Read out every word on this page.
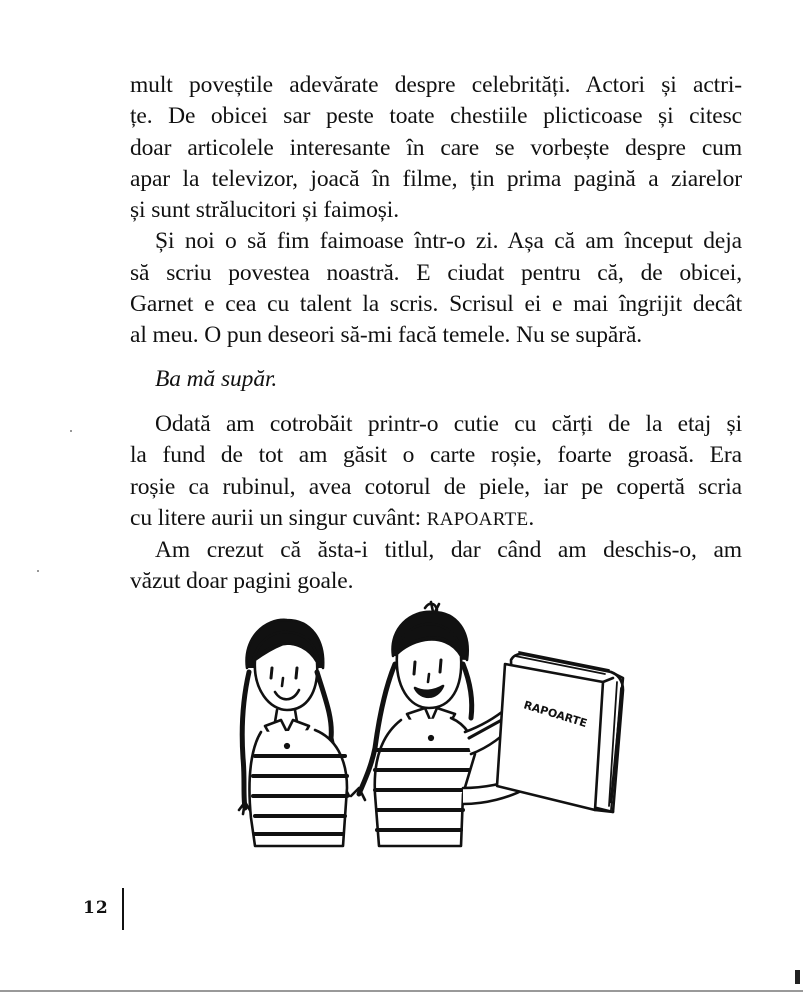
mult poveștile adevărate despre celebrități. Actori și actri-
țe. De obicei sar peste toate chestiile plicticoase și citesc
doar articolele interesante în care se vorbește despre cum
apar la televizor, joacă în filme, țin prima pagină a ziarelor
și sunt strălucitori și faimoși.

Și noi o să fim faimoase într-o zi. Așa că am început deja
să scriu povestea noastră. E ciudat pentru că, de obicei,
Garnet e cea cu talent la scris. Scrisul ei e mai îngrijit decât
al meu. O pun deseori să-mi facă temele. Nu se supără.

Ba mă supăr.

Odată am cotrobăit printr-o cutie cu cărți de la etaj și
la fund de tot am găsit o carte roșie, foarte groasă. Era
roșie ca rubinul, avea cotorul de piele, iar pe copertă scria
cu litere aurii un singur cuvânt: RAPOARTE.

Am crezut că ăsta-i titlul, dar când am deschis-o, am
văzut doar pagini goale.

RAPOARTE
12
